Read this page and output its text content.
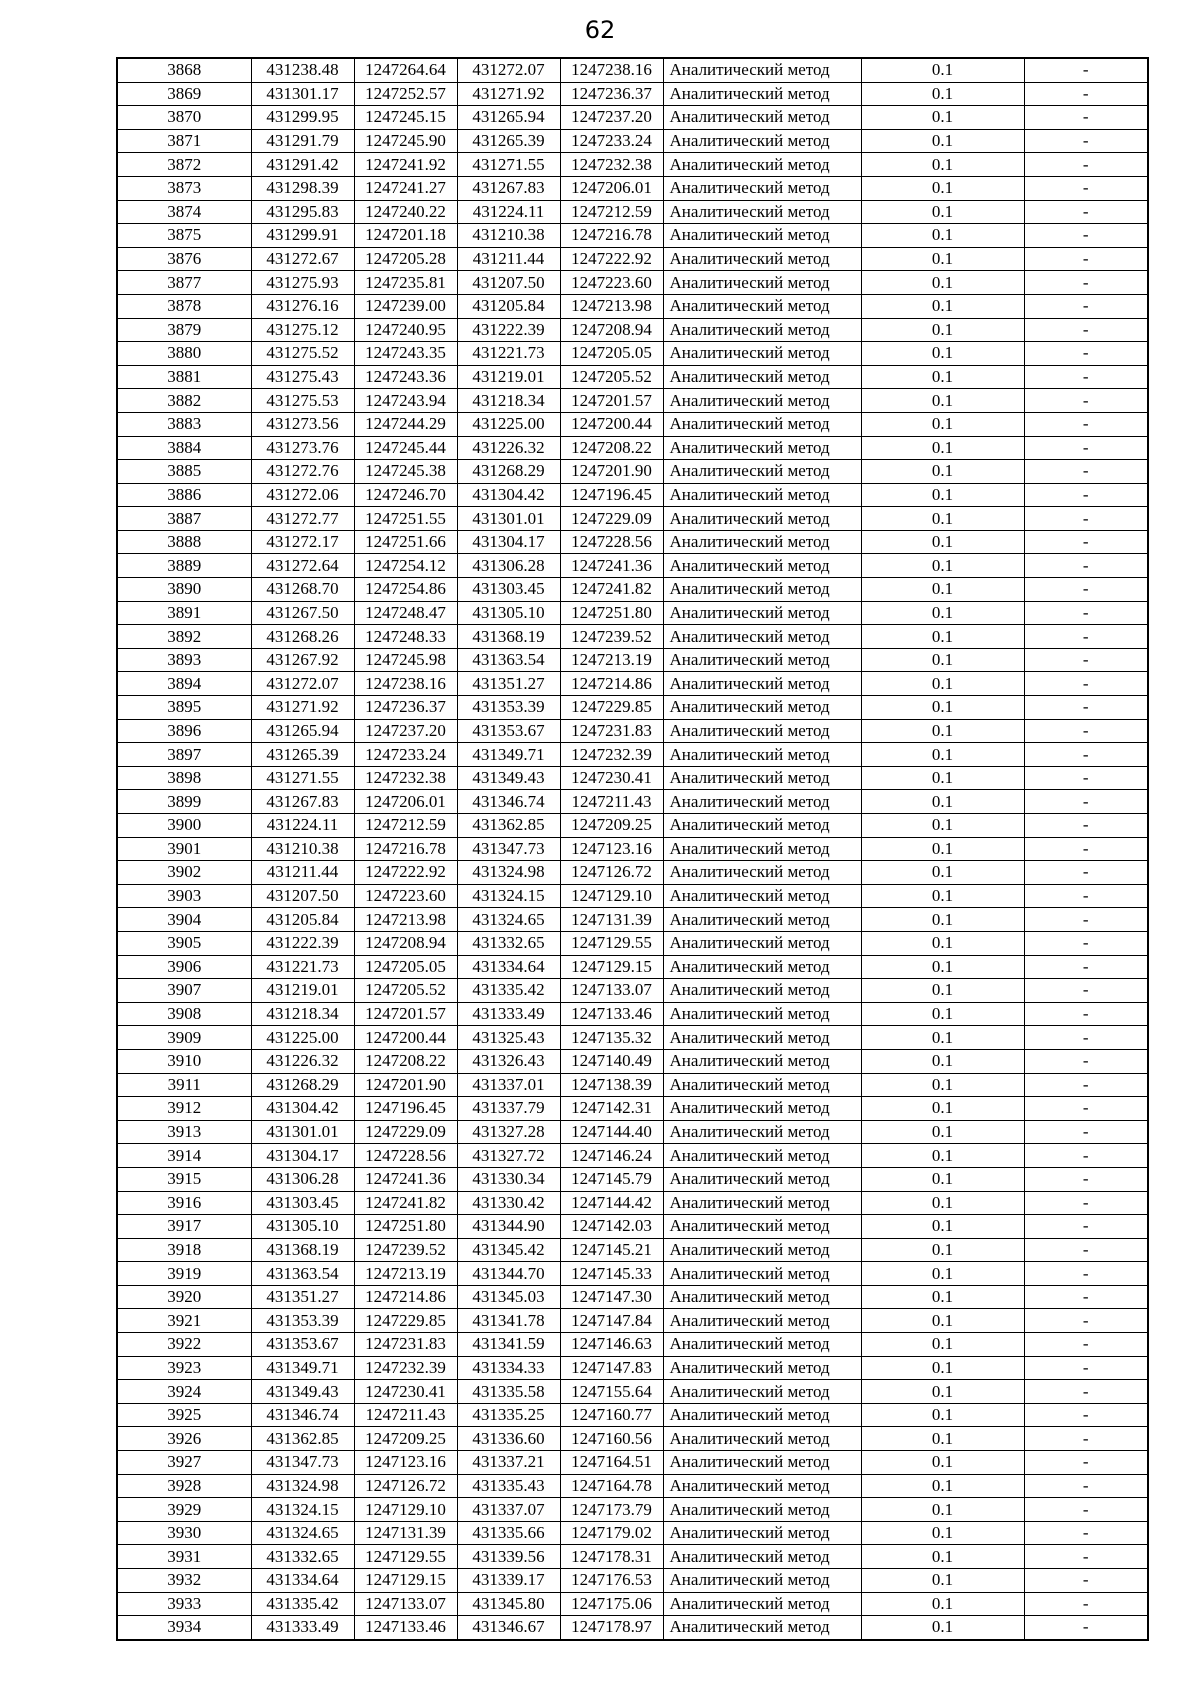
62
3868	431238.48	1247264.64	431272.07	1247238.16	Аналитический метод	0.1	-
3869	431301.17	1247252.57	431271.92	1247236.37	Аналитический метод	0.1	-
3870	431299.95	1247245.15	431265.94	1247237.20	Аналитический метод	0.1	-
3871	431291.79	1247245.90	431265.39	1247233.24	Аналитический метод	0.1	-
3872	431291.42	1247241.92	431271.55	1247232.38	Аналитический метод	0.1	-
3873	431298.39	1247241.27	431267.83	1247206.01	Аналитический метод	0.1	-
3874	431295.83	1247240.22	431224.11	1247212.59	Аналитический метод	0.1	-
3875	431299.91	1247201.18	431210.38	1247216.78	Аналитический метод	0.1	-
3876	431272.67	1247205.28	431211.44	1247222.92	Аналитический метод	0.1	-
3877	431275.93	1247235.81	431207.50	1247223.60	Аналитический метод	0.1	-
3878	431276.16	1247239.00	431205.84	1247213.98	Аналитический метод	0.1	-
3879	431275.12	1247240.95	431222.39	1247208.94	Аналитический метод	0.1	-
3880	431275.52	1247243.35	431221.73	1247205.05	Аналитический метод	0.1	-
3881	431275.43	1247243.36	431219.01	1247205.52	Аналитический метод	0.1	-
3882	431275.53	1247243.94	431218.34	1247201.57	Аналитический метод	0.1	-
3883	431273.56	1247244.29	431225.00	1247200.44	Аналитический метод	0.1	-
3884	431273.76	1247245.44	431226.32	1247208.22	Аналитический метод	0.1	-
3885	431272.76	1247245.38	431268.29	1247201.90	Аналитический метод	0.1	-
3886	431272.06	1247246.70	431304.42	1247196.45	Аналитический метод	0.1	-
3887	431272.77	1247251.55	431301.01	1247229.09	Аналитический метод	0.1	-
3888	431272.17	1247251.66	431304.17	1247228.56	Аналитический метод	0.1	-
3889	431272.64	1247254.12	431306.28	1247241.36	Аналитический метод	0.1	-
3890	431268.70	1247254.86	431303.45	1247241.82	Аналитический метод	0.1	-
3891	431267.50	1247248.47	431305.10	1247251.80	Аналитический метод	0.1	-
3892	431268.26	1247248.33	431368.19	1247239.52	Аналитический метод	0.1	-
3893	431267.92	1247245.98	431363.54	1247213.19	Аналитический метод	0.1	-
3894	431272.07	1247238.16	431351.27	1247214.86	Аналитический метод	0.1	-
3895	431271.92	1247236.37	431353.39	1247229.85	Аналитический метод	0.1	-
3896	431265.94	1247237.20	431353.67	1247231.83	Аналитический метод	0.1	-
3897	431265.39	1247233.24	431349.71	1247232.39	Аналитический метод	0.1	-
3898	431271.55	1247232.38	431349.43	1247230.41	Аналитический метод	0.1	-
3899	431267.83	1247206.01	431346.74	1247211.43	Аналитический метод	0.1	-
3900	431224.11	1247212.59	431362.85	1247209.25	Аналитический метод	0.1	-
3901	431210.38	1247216.78	431347.73	1247123.16	Аналитический метод	0.1	-
3902	431211.44	1247222.92	431324.98	1247126.72	Аналитический метод	0.1	-
3903	431207.50	1247223.60	431324.15	1247129.10	Аналитический метод	0.1	-
3904	431205.84	1247213.98	431324.65	1247131.39	Аналитический метод	0.1	-
3905	431222.39	1247208.94	431332.65	1247129.55	Аналитический метод	0.1	-
3906	431221.73	1247205.05	431334.64	1247129.15	Аналитический метод	0.1	-
3907	431219.01	1247205.52	431335.42	1247133.07	Аналитический метод	0.1	-
3908	431218.34	1247201.57	431333.49	1247133.46	Аналитический метод	0.1	-
3909	431225.00	1247200.44	431325.43	1247135.32	Аналитический метод	0.1	-
3910	431226.32	1247208.22	431326.43	1247140.49	Аналитический метод	0.1	-
3911	431268.29	1247201.90	431337.01	1247138.39	Аналитический метод	0.1	-
3912	431304.42	1247196.45	431337.79	1247142.31	Аналитический метод	0.1	-
3913	431301.01	1247229.09	431327.28	1247144.40	Аналитический метод	0.1	-
3914	431304.17	1247228.56	431327.72	1247146.24	Аналитический метод	0.1	-
3915	431306.28	1247241.36	431330.34	1247145.79	Аналитический метод	0.1	-
3916	431303.45	1247241.82	431330.42	1247144.42	Аналитический метод	0.1	-
3917	431305.10	1247251.80	431344.90	1247142.03	Аналитический метод	0.1	-
3918	431368.19	1247239.52	431345.42	1247145.21	Аналитический метод	0.1	-
3919	431363.54	1247213.19	431344.70	1247145.33	Аналитический метод	0.1	-
3920	431351.27	1247214.86	431345.03	1247147.30	Аналитический метод	0.1	-
3921	431353.39	1247229.85	431341.78	1247147.84	Аналитический метод	0.1	-
3922	431353.67	1247231.83	431341.59	1247146.63	Аналитический метод	0.1	-
3923	431349.71	1247232.39	431334.33	1247147.83	Аналитический метод	0.1	-
3924	431349.43	1247230.41	431335.58	1247155.64	Аналитический метод	0.1	-
3925	431346.74	1247211.43	431335.25	1247160.77	Аналитический метод	0.1	-
3926	431362.85	1247209.25	431336.60	1247160.56	Аналитический метод	0.1	-
3927	431347.73	1247123.16	431337.21	1247164.51	Аналитический метод	0.1	-
3928	431324.98	1247126.72	431335.43	1247164.78	Аналитический метод	0.1	-
3929	431324.15	1247129.10	431337.07	1247173.79	Аналитический метод	0.1	-
3930	431324.65	1247131.39	431335.66	1247179.02	Аналитический метод	0.1	-
3931	431332.65	1247129.55	431339.56	1247178.31	Аналитический метод	0.1	-
3932	431334.64	1247129.15	431339.17	1247176.53	Аналитический метод	0.1	-
3933	431335.42	1247133.07	431345.80	1247175.06	Аналитический метод	0.1	-
3934	431333.49	1247133.46	431346.67	1247178.97	Аналитический метод	0.1	-
